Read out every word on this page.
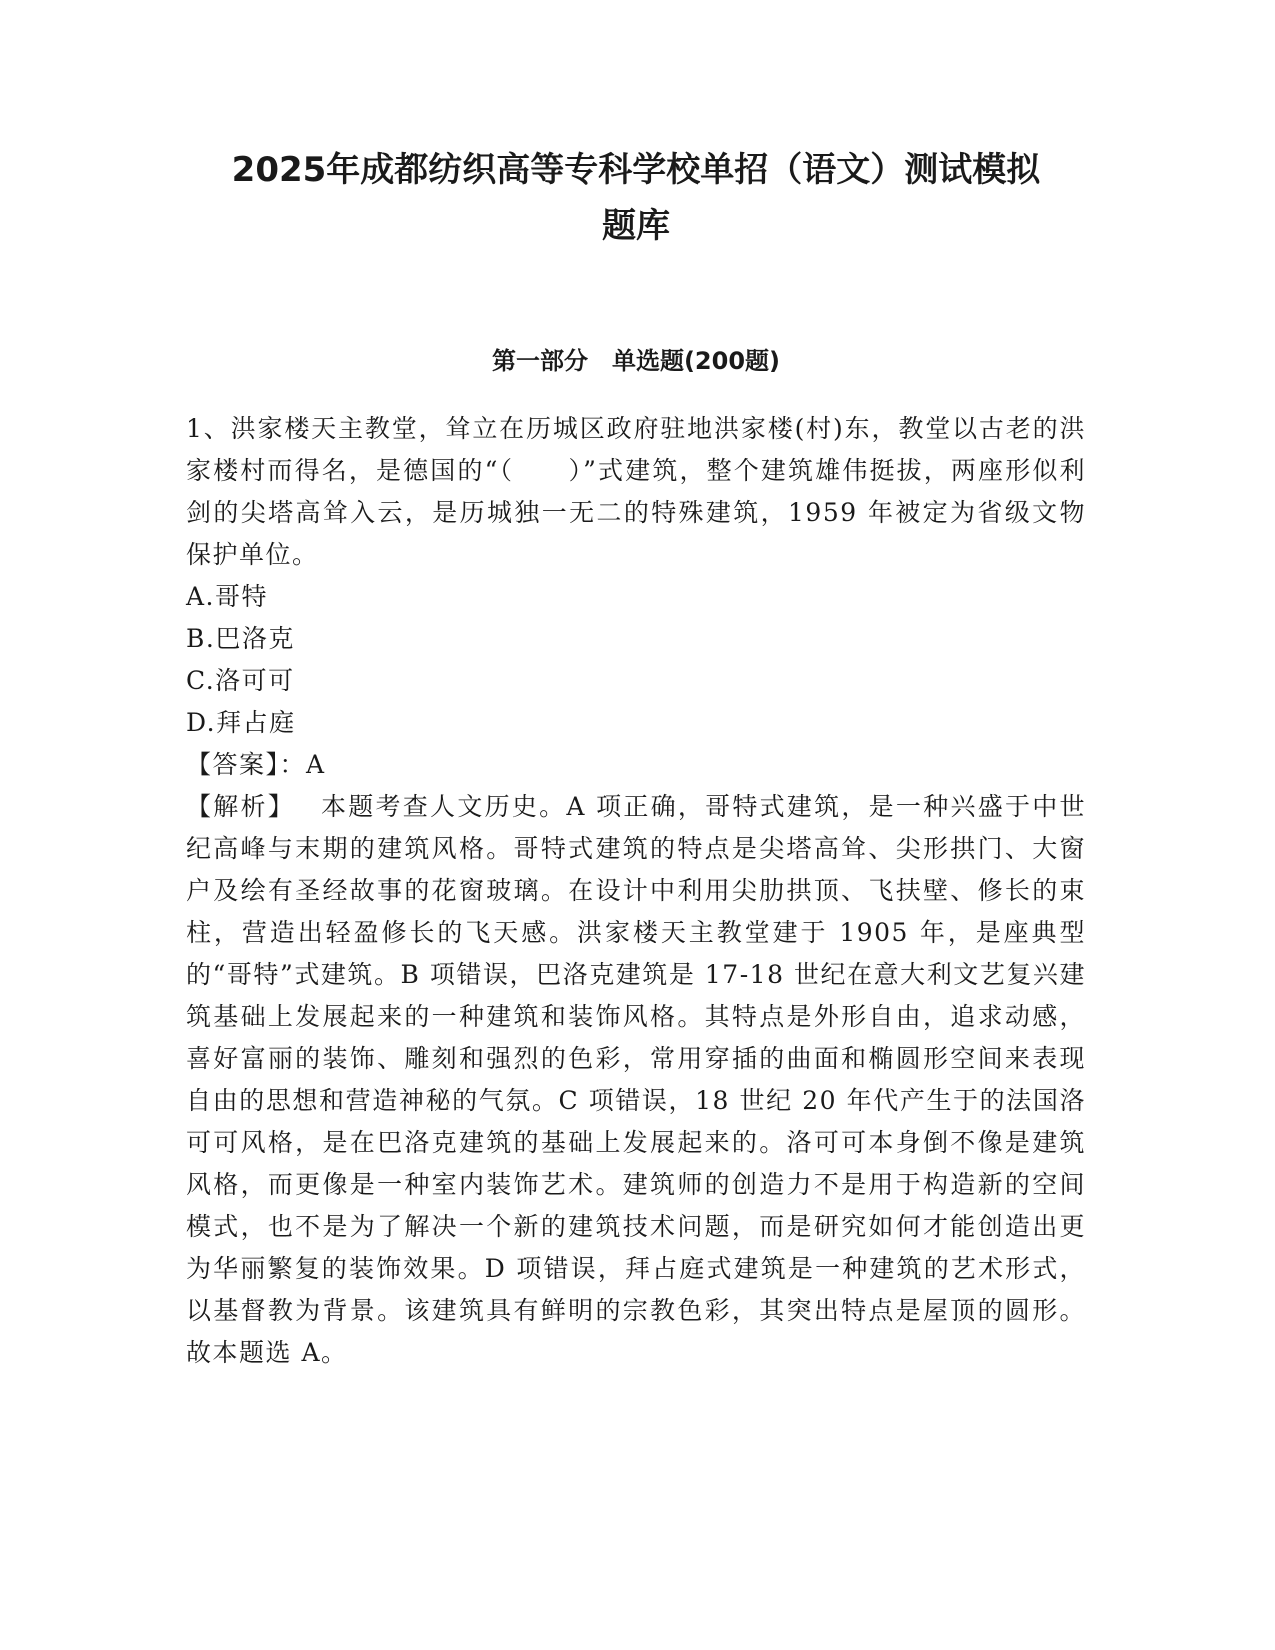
2025年成都纺织高等专科学校单招（语文）测试模拟
题库
第一部分　单选题(200题)

1、洪家楼天主教堂，耸立在历城区政府驻地洪家楼(村)东，教堂以古老的洪家楼村而得名，是德国的“（　　）”式建筑，整个建筑雄伟挺拔，两座形似利剑的尖塔高耸入云，是历城独一无二的特殊建筑，1959 年被定为省级文物保护单位。

A.哥特
B.巴洛克
C.洛可可
D.拜占庭

【答案】：A

【解析】 本题考查人文历史。A 项正确，哥特式建筑，是一种兴盛于中世纪高峰与末期的建筑风格。哥特式建筑的特点是尖塔高耸、尖形拱门、大窗户及绘有圣经故事的花窗玻璃。在设计中利用尖肋拱顶、飞扶壁、修长的束柱，营造出轻盈修长的飞天感。洪家楼天主教堂建于 1905 年，是座典型的“哥特”式建筑。B 项错误，巴洛克建筑是 17-18 世纪在意大利文艺复兴建筑基础上发展起来的一种建筑和装饰风格。其特点是外形自由，追求动感，喜好富丽的装饰、雕刻和强烈的色彩，常用穿插的曲面和椭圆形空间来表现自由的思想和营造神秘的气氛。C 项错误，18 世纪 20 年代产生于的法国洛可可风格，是在巴洛克建筑的基础上发展起来的。洛可可本身倒不像是建筑风格，而更像是一种室内装饰艺术。建筑师的创造力不是用于构造新的空间模式，也不是为了解决一个新的建筑技术问题，而是研究如何才能创造出更为华丽繁复的装饰效果。D 项错误，拜占庭式建筑是一种建筑的艺术形式，以基督教为背景。该建筑具有鲜明的宗教色彩，其突出特点是屋顶的圆形。故本题选 A。
